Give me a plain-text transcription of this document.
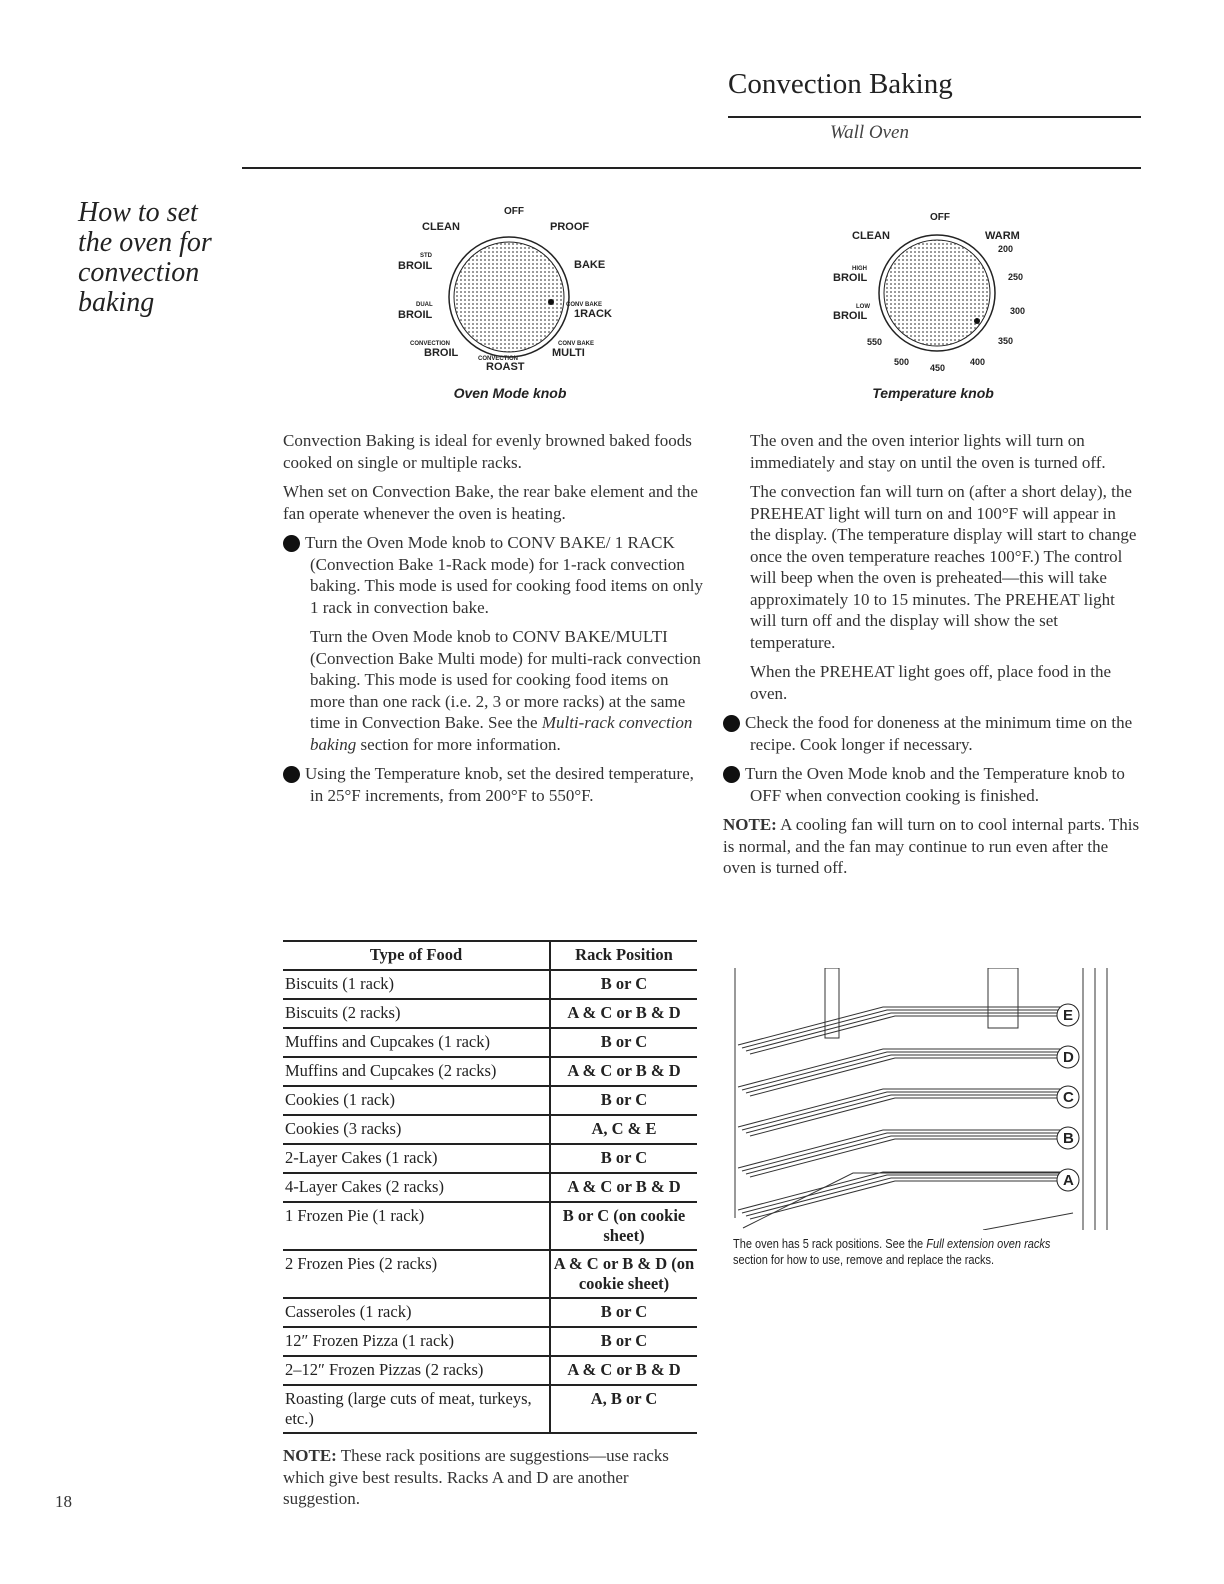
Convection Baking
Wall Oven
How to set
the oven for
convection
baking
OFF
CLEAN	PROOF
STD
BROIL	BAKE
DUAL
BROIL
CONV BAKE
1RACK
CONVECTION
BROIL	CONVECTION
ROAST
CONV BAKE
MULTI
Oven Mode knob
OFF
CLEAN	WARM
200
250
300
350
400
450
500
550
HIGH
BROIL
LOW
BROIL
Temperature knob

Convection Baking is ideal for evenly browned baked foods cooked on single or multiple racks.

When set on Convection Bake, the rear bake element and the fan operate whenever the oven is heating.

1 Turn the Oven Mode knob to CONV BAKE/ 1 RACK (Convection Bake 1-Rack mode) for 1-rack convection baking. This mode is used for cooking food items on only 1 rack in convection bake.

Turn the Oven Mode knob to CONV BAKE/MULTI (Convection Bake Multi mode) for multi-rack convection baking. This mode is used for cooking food items on more than one rack (i.e. 2, 3 or more racks) at the same time in Convection Bake. See the Multi-rack convection baking section for more information.

2 Using the Temperature knob, set the desired temperature, in 25°F increments, from 200°F to 550°F.

Type of Food	Rack Position
Biscuits (1 rack)	B or C
Biscuits (2 racks)	A & C or B & D
Muffins and Cupcakes (1 rack)	B or C
Muffins and Cupcakes (2 racks)	A & C or B & D
Cookies (1 rack)	B or C
Cookies (3 racks)	A, C & E
2-Layer Cakes (1 rack)	B or C
4-Layer Cakes (2 racks)	A & C or B & D
1 Frozen Pie (1 rack)	B or C (on cookie sheet)
2 Frozen Pies (2 racks)	A & C or B & D (on cookie sheet)
Casseroles (1 rack)	B or C
12″ Frozen Pizza (1 rack)	B or C
2–12″ Frozen Pizzas (2 racks)	A & C or B & D
Roasting (large cuts of meat, turkeys, etc.)	A, B or C
NOTE: These rack positions are suggestions—use racks which give best results. Racks A and D are another suggestion.

The oven and the oven interior lights will turn on immediately and stay on until the oven is turned off.

The convection fan will turn on (after a short delay), the PREHEAT light will turn on and 100°F will appear in the display. (The temperature display will start to change once the oven temperature reaches 100°F.) The control will beep when the oven is preheated—this will take approximately 10 to 15 minutes. The PREHEAT light will turn off and the display will show the set temperature.

When the PREHEAT light goes off, place food in the oven.

3 Check the food for doneness at the minimum time on the recipe. Cook longer if necessary.

4 Turn the Oven Mode knob and the Temperature knob to OFF when convection cooking is finished.

NOTE: A cooling fan will turn on to cool internal parts. This is normal, and the fan may continue to run even after the oven is turned off.

E
D
C
B
A
The oven has 5 rack positions. See the Full extension oven racks
section for how to use, remove and replace the racks.
18
